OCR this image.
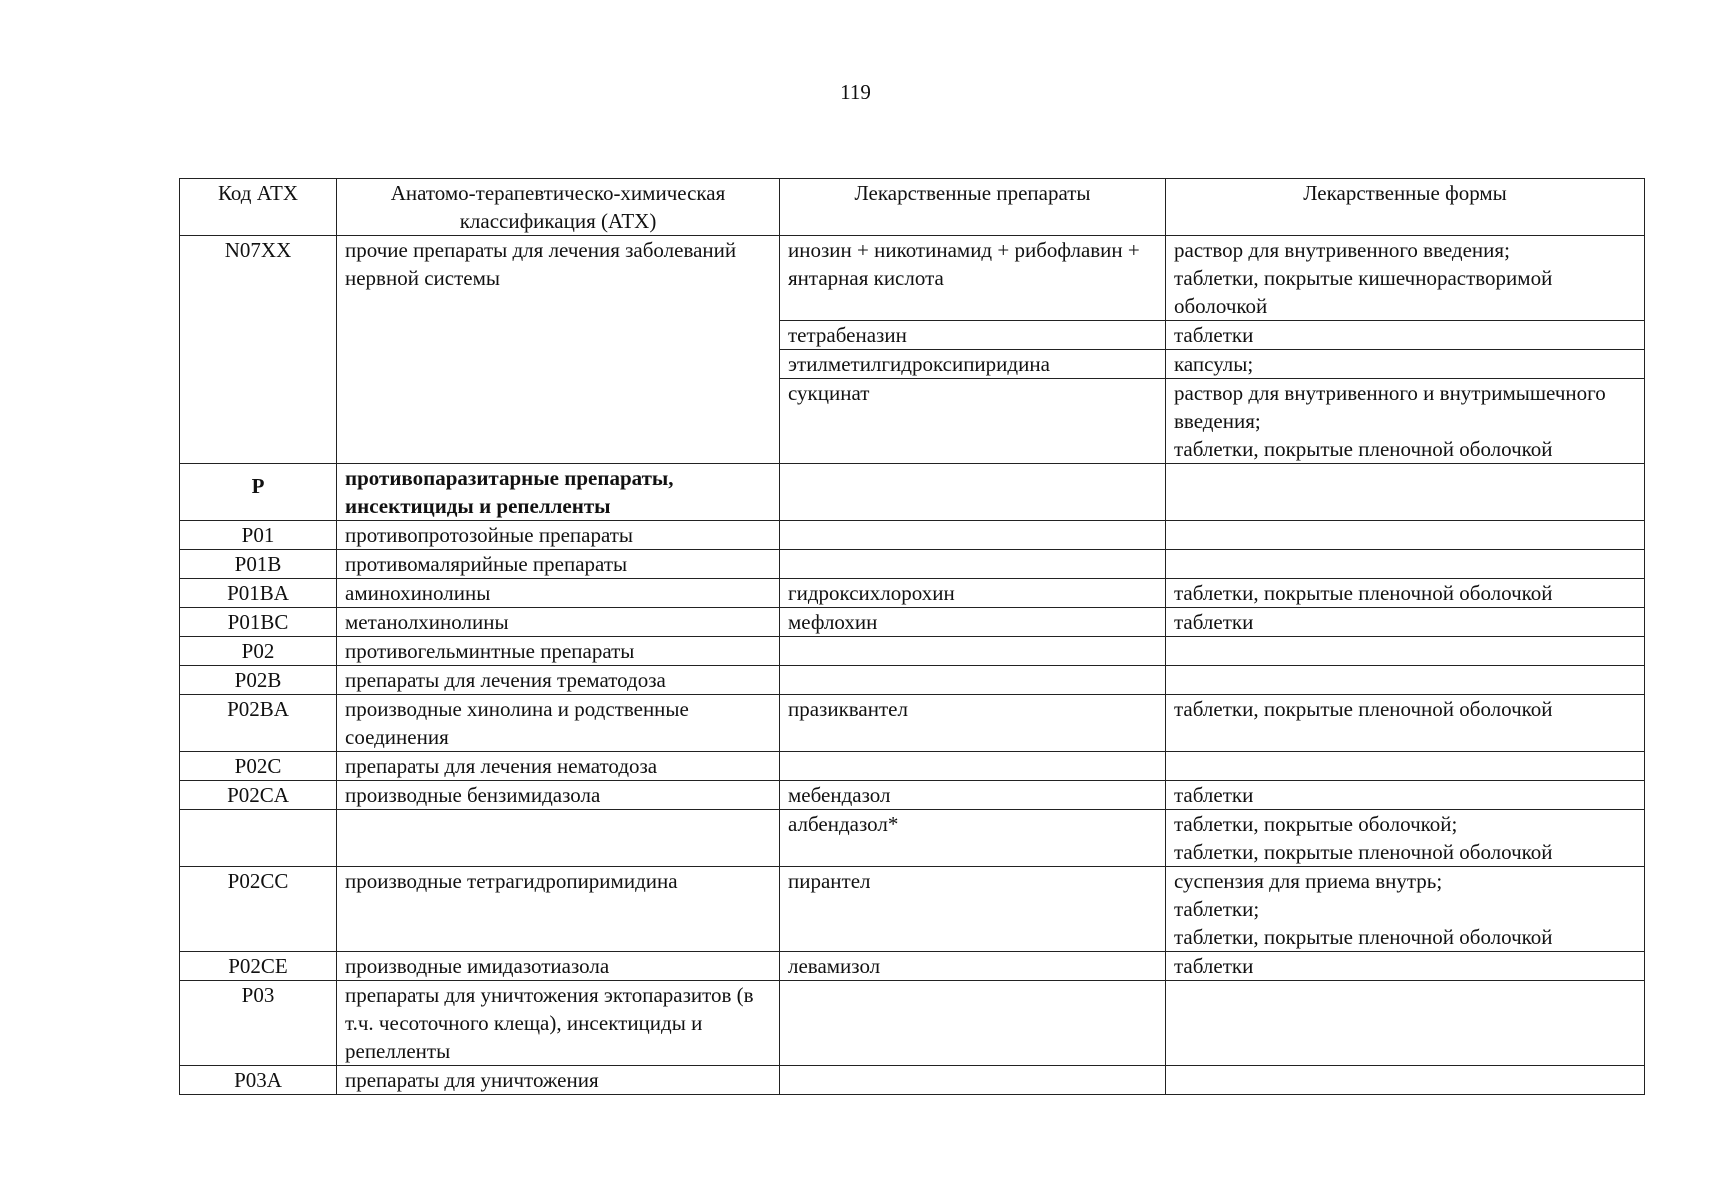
119
Код АТХ	Анатомо-терапевтическо-химическая классификация (АТХ)	Лекарственные препараты	Лекарственные формы
N07XX	прочие препараты для лечения заболеваний нервной системы	инозин + никотинамид + рибофлавин + янтарная кислота	раствор для внутривенного введения;
таблетки, покрытые кишечнорастворимой оболочкой

		тетрабеназин	таблетки

		этилметилгидроксипиридина	капсулы;

		сукцинат	раствор для внутривенного и внутримышечного введения;
таблетки, покрытые пленочной оболочкой

P	противопаразитарные препараты, инсектициды и репелленты		

P01	противопротозойные препараты		

P01B	противомалярийные препараты		

P01BA	аминохинолины	гидроксихлорохин	таблетки, покрытые пленочной оболочкой

P01BC	метанолхинолины	мефлохин	таблетки

P02	противогельминтные препараты		

P02B	препараты для лечения трематодоза		

P02BA	производные хинолина и родственные соединения	празиквантел	таблетки, покрытые пленочной оболочкой

P02C	препараты для лечения нематодоза		

P02CA	производные бензимидазола	мебендазол	таблетки

		албендазол*	таблетки, покрытые оболочкой;
таблетки, покрытые пленочной оболочкой

P02CC	производные тетрагидропиримидина	пирантел	суспензия для приема внутрь;
таблетки;
таблетки, покрытые пленочной оболочкой

P02CE	производные имидазотиазола	левамизол	таблетки

P03	препараты для уничтожения эктопаразитов (в т.ч. чесоточного клеща), инсектициды и репелленты		

P03A	препараты для уничтожения		
